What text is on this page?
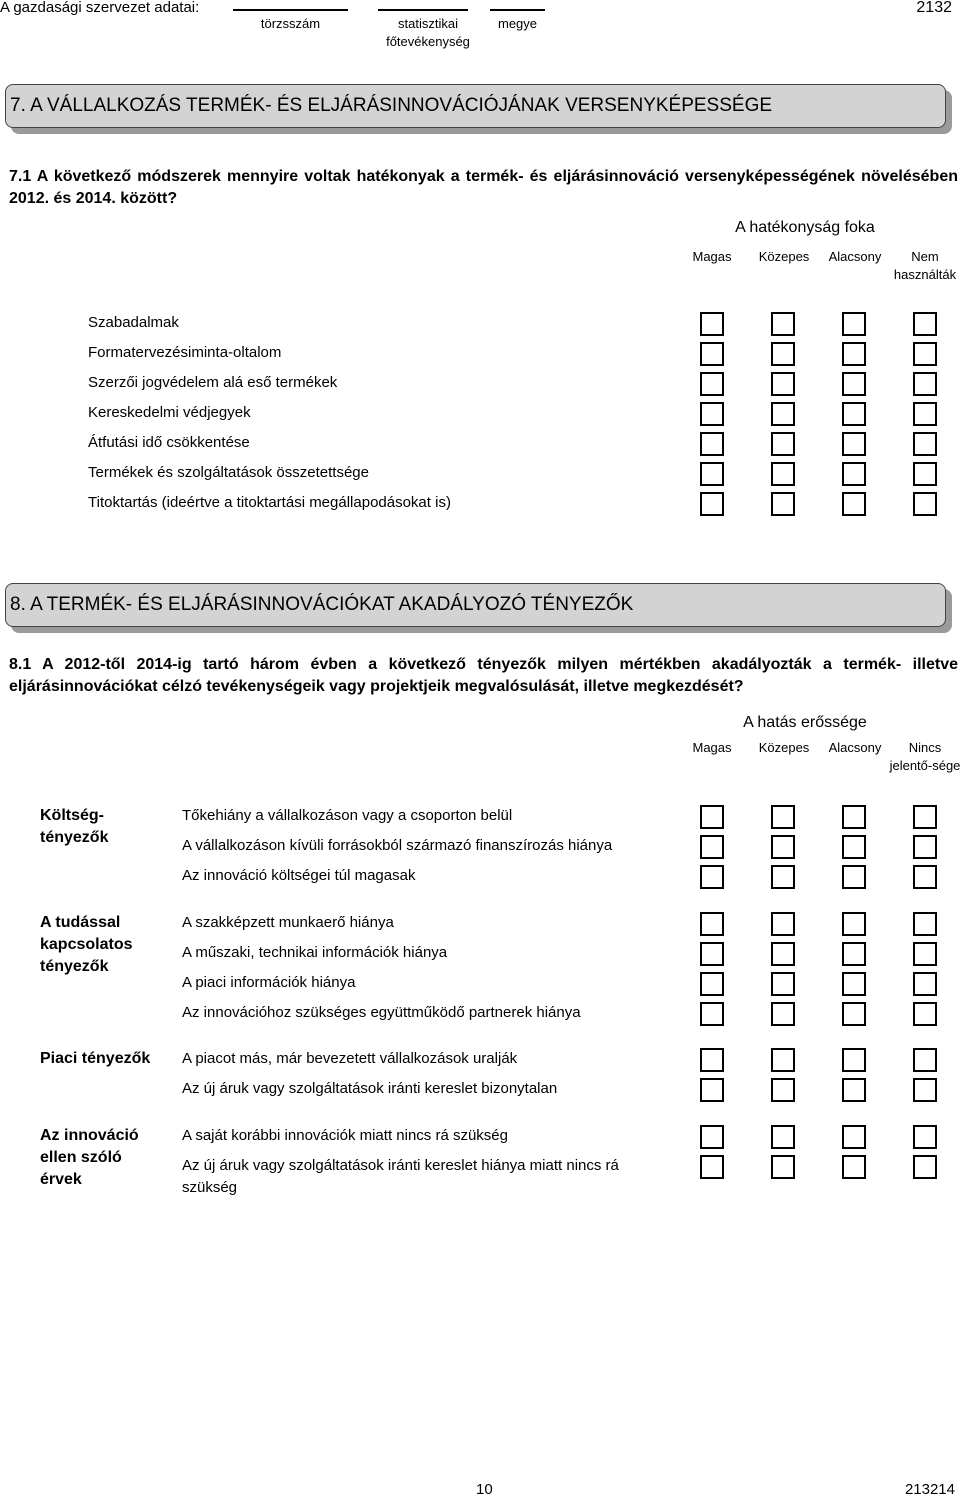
A gazdasági szervezet adatai:
törzsszám	statisztikai főtevékenység
megye
2132
7. A VÁLLALKOZÁS TERMÉK- ÉS ELJÁRÁSINNOVÁCIÓJÁNAK VERSENYKÉPESSÉGE
7.1 A következő módszerek mennyire voltak hatékonyak a termék- és eljárásinnováció versenyképességének növelésében 2012. és 2014. között?
A hatékonyság foka
Magas	Közepes	Alacsony	Nem
használták
Szabadalmak
Formatervezésiminta-oltalom
Szerzői jogvédelem alá eső termékek
Kereskedelmi védjegyek
Átfutási idő csökkentése
Termékek és szolgáltatások összetettsége
Titoktartás (ideértve a titoktartási megállapodásokat is)
8. A TERMÉK- ÉS ELJÁRÁSINNOVÁCIÓKAT AKADÁLYOZÓ TÉNYEZŐK
8.1 A 2012-től 2014-ig tartó három évben a következő tényezők milyen mértékben akadályozták a termék- illetve eljárásinnovációkat célzó tevékenységeik vagy projektjeik megvalósulását, illetve megkezdését?
A hatás erőssége
Magas	Közepes	Alacsony	Nincs
jelentő-sége
Költség-tényezők
Tőkehiány a vállalkozáson vagy a csoporton belül
A vállalkozáson kívüli forrásokból származó finanszírozás hiánya
Az innováció költségei túl magasak
A tudással kapcsolatos tényezők
A szakképzett munkaerő hiánya
A műszaki, technikai információk hiánya
A piaci információk hiánya
Az innovációhoz szükséges együttműködő partnerek hiánya
Piaci tényezők	A piacot más, már bevezetett vállalkozások uralják
Az új áruk vagy szolgáltatások iránti kereslet bizonytalan
Az innováció ellen szóló érvek
A saját korábbi innovációk miatt nincs rá szükség
Az új áruk vagy szolgáltatások iránti kereslet hiánya miatt nincs rá szükség
10	213214
